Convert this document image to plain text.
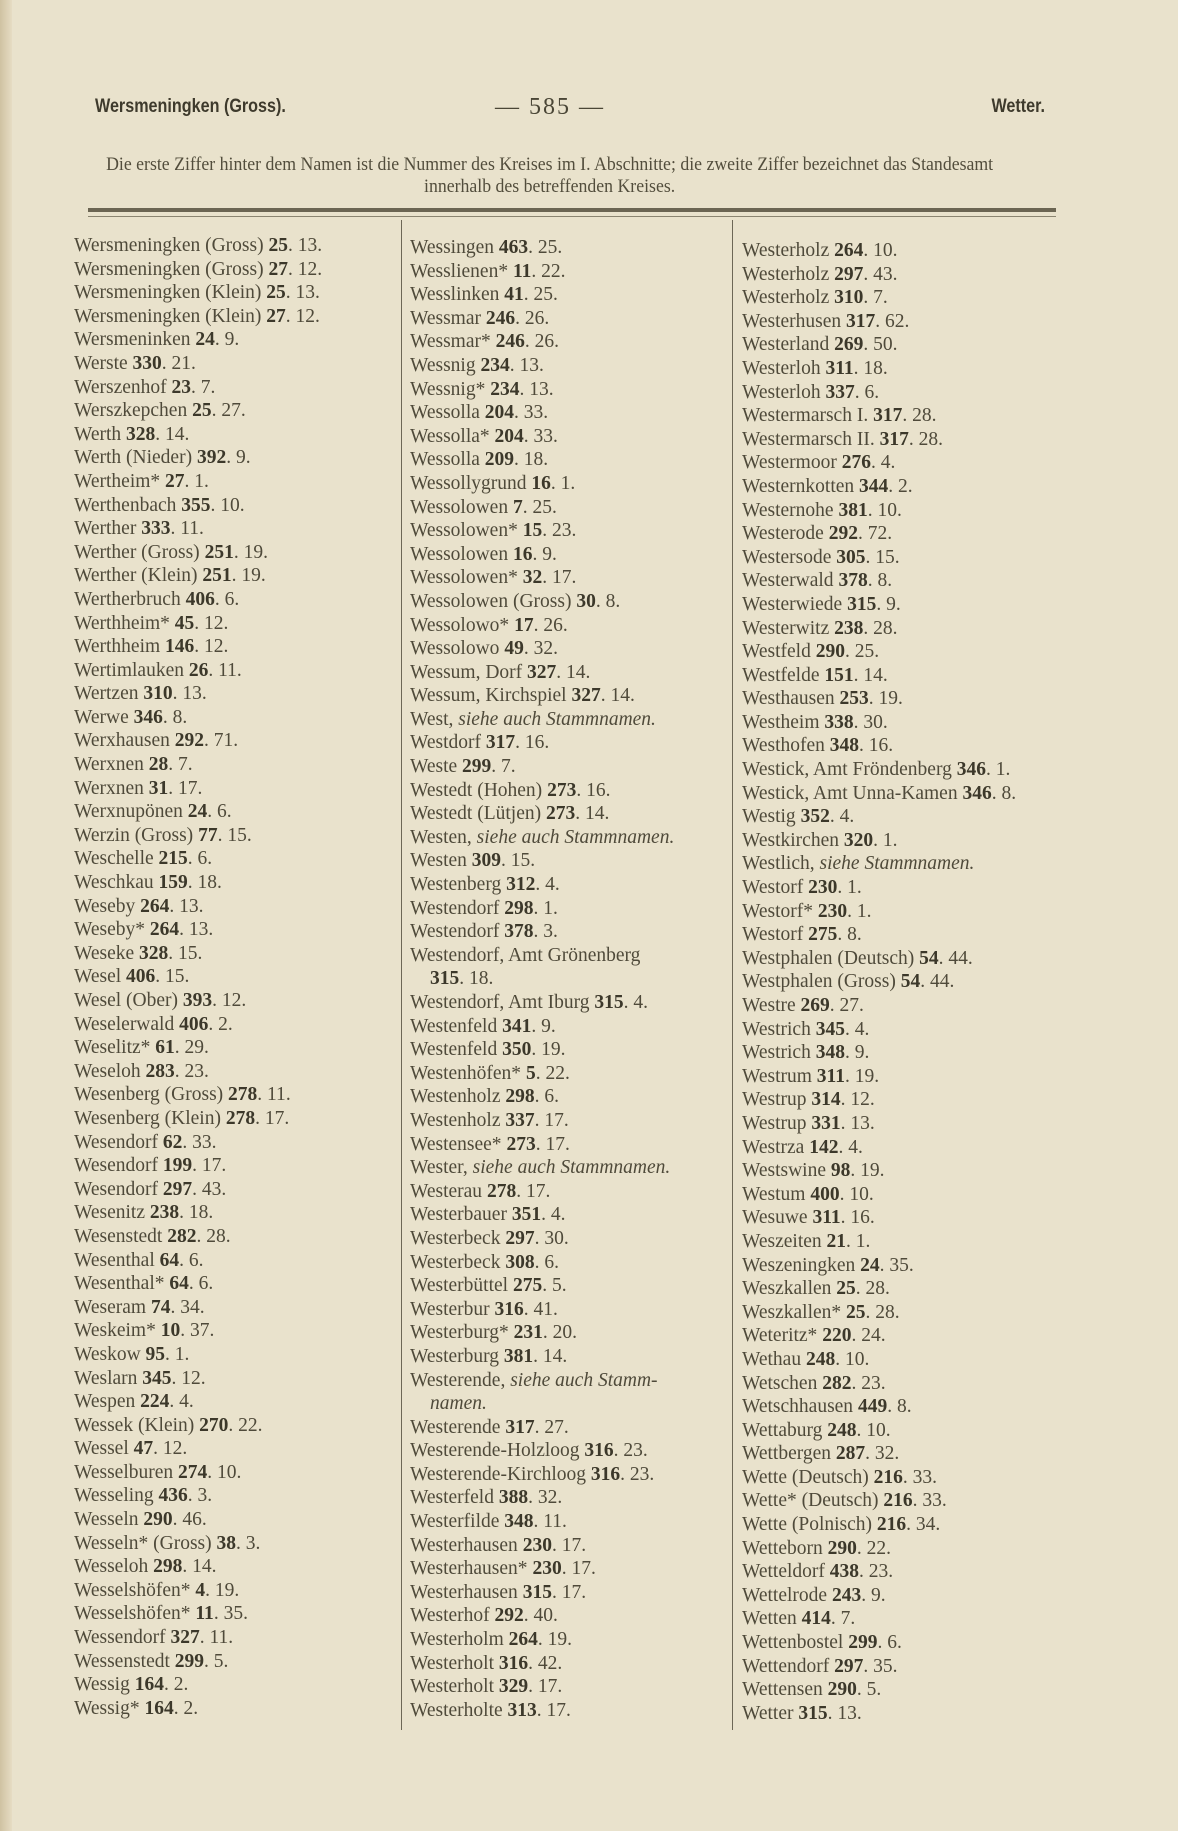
Wersmeningken (Gross).	— 585 —	Wetter.
Die erste Ziffer hinter dem Namen ist die Nummer des Kreises im I. Abschnitte; die zweite Ziffer bezeichnet das Standesamt innerhalb des betreffenden Kreises.
Wersmeningken (Gross) 25. 13.
Wersmeningken (Gross) 27. 12.
Wersmeningken (Klein) 25. 13.
Wersmeningken (Klein) 27. 12.
Wersmeninken 24. 9.
Werste 330. 21.
Werszenhof 23. 7.
Werszkepchen 25. 27.
Werth 328. 14.
Werth (Nieder) 392. 9.
Wertheim* 27. 1.
Werthenbach 355. 10.
Werther 333. 11.
Werther (Gross) 251. 19.
Werther (Klein) 251. 19.
Wertherbruch 406. 6.
Werthheim* 45. 12.
Werthheim 146. 12.
Wertimlauken 26. 11.
Wertzen 310. 13.
Werwe 346. 8.
Werxhausen 292. 71.
Werxnen 28. 7.
Werxnen 31. 17.
Werxnupönen 24. 6.
Werzin (Gross) 77. 15.
Weschelle 215. 6.
Weschkau 159. 18.
Weseby 264. 13.
Weseby* 264. 13.
Weseke 328. 15.
Wesel 406. 15.
Wesel (Ober) 393. 12.
Weselerwald 406. 2.
Weselitz* 61. 29.
Weseloh 283. 23.
Wesenberg (Gross) 278. 11.
Wesenberg (Klein) 278. 17.
Wesendorf 62. 33.
Wesendorf 199. 17.
Wesendorf 297. 43.
Wesenitz 238. 18.
Wesenstedt 282. 28.
Wesenthal 64. 6.
Wesenthal* 64. 6.
Weseram 74. 34.
Weskeim* 10. 37.
Weskow 95. 1.
Weslarn 345. 12.
Wespen 224. 4.
Wessek (Klein) 270. 22.
Wessel 47. 12.
Wesselburen 274. 10.
Wesseling 436. 3.
Wesseln 290. 46.
Wesseln* (Gross) 38. 3.
Wesseloh 298. 14.
Wesselshöfen* 4. 19.
Wesselshöfen* 11. 35.
Wessendorf 327. 11.
Wessenstedt 299. 5.
Wessig 164. 2.
Wessig* 164. 2.
Wessingen 463. 25.
Wesslienen* 11. 22.
Wesslinken 41. 25.
Wessmar 246. 26.
Wessmar* 246. 26.
Wessnig 234. 13.
Wessnig* 234. 13.
Wessolla 204. 33.
Wessolla* 204. 33.
Wessolla 209. 18.
Wessollygrund 16. 1.
Wessolowen 7. 25.
Wessolowen* 15. 23.
Wessolowen 16. 9.
Wessolowen* 32. 17.
Wessolowen (Gross) 30. 8.
Wessolowo* 17. 26.
Wessolowo 49. 32.
Wessum, Dorf 327. 14.
Wessum, Kirchspiel 327. 14.
West, siehe auch Stammnamen.
Westdorf 317. 16.
Weste 299. 7.
Westedt (Hohen) 273. 16.
Westedt (Lütjen) 273. 14.
Westen, siehe auch Stammnamen.
Westen 309. 15.
Westenberg 312. 4.
Westendorf 298. 1.
Westendorf 378. 3.
Westendorf, Amt Grönenberg
315. 18.
Westendorf, Amt Iburg 315. 4.
Westenfeld 341. 9.
Westenfeld 350. 19.
Westenhöfen* 5. 22.
Westenholz 298. 6.
Westenholz 337. 17.
Westensee* 273. 17.
Wester, siehe auch Stammnamen.
Westerau 278. 17.
Westerbauer 351. 4.
Westerbeck 297. 30.
Westerbeck 308. 6.
Westerbüttel 275. 5.
Westerbur 316. 41.
Westerburg* 231. 20.
Westerburg 381. 14.
Westerende, siehe auch Stamm-
namen.
Westerende 317. 27.
Westerende-Holzloog 316. 23.
Westerende-Kirchloog 316. 23.
Westerfeld 388. 32.
Westerfilde 348. 11.
Westerhausen 230. 17.
Westerhausen* 230. 17.
Westerhausen 315. 17.
Westerhof 292. 40.
Westerholm 264. 19.
Westerholt 316. 42.
Westerholt 329. 17.
Westerholte 313. 17.
Westerholz 264. 10.
Westerholz 297. 43.
Westerholz 310. 7.
Westerhusen 317. 62.
Westerland 269. 50.
Westerloh 311. 18.
Westerloh 337. 6.
Westermarsch I. 317. 28.
Westermarsch II. 317. 28.
Westermoor 276. 4.
Westernkotten 344. 2.
Westernohe 381. 10.
Westerode 292. 72.
Westersode 305. 15.
Westerwald 378. 8.
Westerwiede 315. 9.
Westerwitz 238. 28.
Westfeld 290. 25.
Westfelde 151. 14.
Westhausen 253. 19.
Westheim 338. 30.
Westhofen 348. 16.
Westick, Amt Fröndenberg 346. 1.
Westick, Amt Unna-Kamen 346. 8.
Westig 352. 4.
Westkirchen 320. 1.
Westlich, siehe Stammnamen.
Westorf 230. 1.
Westorf* 230. 1.
Westorf 275. 8.
Westphalen (Deutsch) 54. 44.
Westphalen (Gross) 54. 44.
Westre 269. 27.
Westrich 345. 4.
Westrich 348. 9.
Westrum 311. 19.
Westrup 314. 12.
Westrup 331. 13.
Westrza 142. 4.
Westswine 98. 19.
Westum 400. 10.
Wesuwe 311. 16.
Weszeiten 21. 1.
Weszeningken 24. 35.
Weszkallen 25. 28.
Weszkallen* 25. 28.
Weteritz* 220. 24.
Wethau 248. 10.
Wetschen 282. 23.
Wetschhausen 449. 8.
Wettaburg 248. 10.
Wettbergen 287. 32.
Wette (Deutsch) 216. 33.
Wette* (Deutsch) 216. 33.
Wette (Polnisch) 216. 34.
Wetteborn 290. 22.
Wetteldorf 438. 23.
Wettelrode 243. 9.
Wetten 414. 7.
Wettenbostel 299. 6.
Wettendorf 297. 35.
Wettensen 290. 5.
Wetter 315. 13.
